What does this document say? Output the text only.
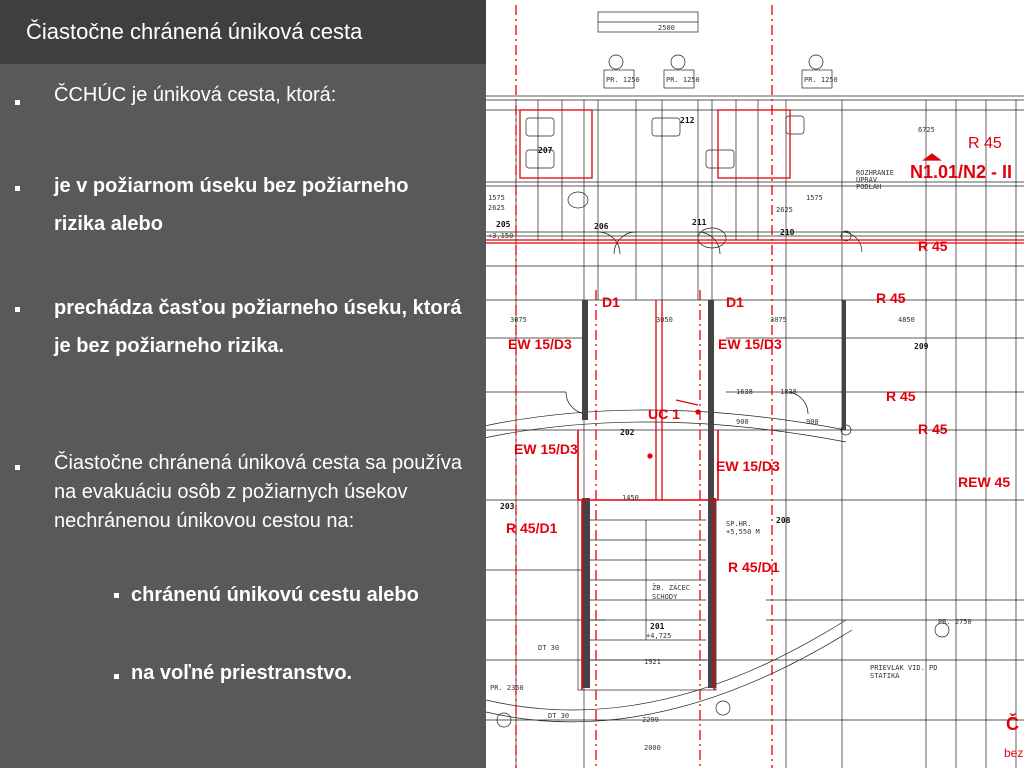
Čiastočne chránená úniková cesta
ČCHÚC je úniková cesta, ktorá:
je v požiarnom úseku bez požiarneho rizika alebo
prechádza časťou požiarneho úseku, ktorá je bez požiarneho rizika.
Čiastočne chránená úniková cesta sa používa na evakuáciu osôb z požiarnych úsekov nechránenou únikovou cestou na:
chránenú únikovú cestu alebo
na voľné priestranstvo.
2500
PR. 1250	PR. 1250	PR. 1250
6725
3075	3050	3075	4850
1575
2625	2625
1575
1450
1638	1838
900	900
1921
2299
2000
DT 30
DT 30
207
206	211
210
205
209
202
201
203
208
212
ROZHRANIE ÚPRAV PODLAH
PRIEVLAK VID. PD STATIKA
ŽB. ZÁCEC SCHODY
SP.HR. +5,550 M
+3,150
+4,725
PR. 2750
PR. 2350
R 45
N1.01/N2 - II
R 45
R 45
D1	D1
EW 15/D3	EW 15/D3
R 45
R 45
UC 1
EW 15/D3
EW 15/D3
REW 45
R 45/D1
R 45/D1
Č
bez
